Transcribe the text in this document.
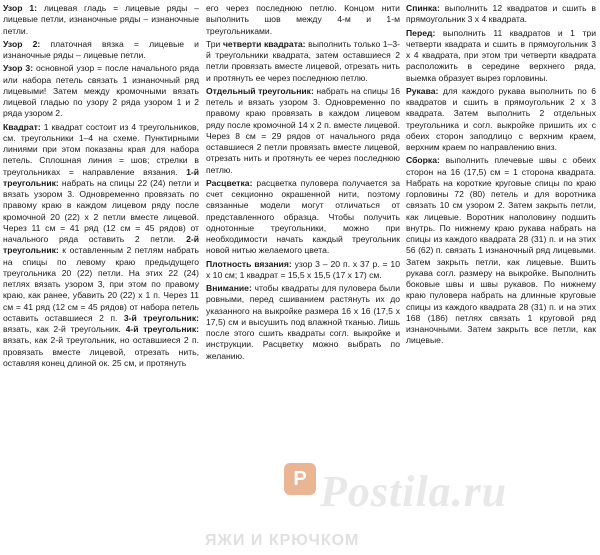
Узор 1: лицевая гладь = лицевые ряды – лицевые петли, изнаночные ряды – изнаночные петли.

Узор 2: платочная вязка = лицевые и изнаночные ряды – лицевые петли.

Узор 3: основной узор = после начального ряда или набора петель связать 1 изнаночный ряд лицевыми! Затем между кромочными вязать лицевой гладью по узору 2 ряда узором 1 и 2 ряда узором 2.

Квадрат: 1 квадрат состоит из 4 треугольников, см. треугольники 1–4 на схеме. Пунктирными линиями при этом показаны края для набора петель. Сплошная линия = шов; стрелки в треугольниках = направление вязания. 1-й треугольник: набрать на спицы 22 (24) петли и вязать узором 3. Одновременно провязать по правому краю в каждом лицевом ряду после кромочной 20 (22) х 2 петли вместе лицевой. Через 11 см = 41 ряд (12 см = 45 рядов) от начального ряда оставить 2 петли. 2-й треугольник: к оставленным 2 петлям набрать на спицы по левому краю предыдущего треугольника 20 (22) петли. На этих 22 (24) петлях вязать узором 3, при этом по правому краю, как ранее, убавить 20 (22) х 1 п. Через 11 см = 41 ряд (12 см = 45 рядов) от набора петель оставить оставшиеся 2 п. 3-й треугольник: вязать, как 2-й треугольник. 4-й треугольник: вязать, как 2-й треугольник, но оставшиеся 2 п. провязать вместе лицевой, отрезать нить, оставляя конец длиной ок. 25 см, и протянуть

его через последнюю петлю. Концом нити выполнить шов между 4-м и 1-м треугольниками.

Три четверти квадрата: выполнить только 1–3-й треугольники квадрата, затем оставшиеся 2 петли провязать вместе лицевой, отрезать нить и протянуть ее через последнюю петлю.

Отдельный треугольник: набрать на спицы 16 петель и вязать узором 3. Одновременно по правому краю провязать в каждом лицевом ряду после кромочной 14 х 2 п. вместе лицевой. Через 8 см = 29 рядов от начального ряда оставшиеся 2 петли провязать вместе лицевой, отрезать нить и протянуть ее через последнюю петлю.

Расцветка: расцветка пуловера получается за счет секционно окрашенной нити, поэтому связанные модели могут отличаться от представленного образца. Чтобы получить однотонные треугольники, можно при необходимости начать каждый треугольник новой нитью желаемого цвета.

Плотность вязания: узор 3 – 20 п. х 37 р. = 10 х 10 см; 1 квадрат = 15,5 х 15,5 (17 х 17) см.

Внимание: чтобы квадраты для пуловера были ровными, перед сшиванием растянуть их до указанного на выкройке размера 16 х 16 (17,5 х 17,5) см и высушить под влажной тканью. Лишь после этого сшить квадраты согл. выкройке и инструкции. Расцветку можно выбрать по желанию.

Спинка: выполнить 12 квадратов и сшить в прямоугольник 3 х 4 квадрата.

Перед: выполнить 11 квадратов и 1 три четверти квадрата и сшить в прямоугольник 3 х 4 квадрата, при этом три четверти квадрата расположить в середине верхнего ряда, выемка образует вырез горловины.

Рукава: для каждого рукава выполнить по 6 квадратов и сшить в прямоугольник 2 х 3 квадрата. Затем выполнить 2 отдельных треугольника и согл. выкройке пришить их с обеих сторон заподлицо с верхним краем, верхним краем по направлению вниз.

Сборка: выполнить плечевые швы с обеих сторон на 16 (17,5) см = 1 сторона квадрата. Набрать на короткие круговые спицы по краю горловины 72 (80) петель и для воротника связать 10 см узором 2. Затем закрыть петли, как лицевые. Воротник наполовину подшить внутрь. По нижнему краю рукава набрать на спицы из каждого квадрата 28 (31) п. и на этих 56 (62) п. связать 1 изнаночный ряд лицевыми. Затем закрыть петли, как лицевые. Вшить рукава согл. размеру на выкройке. Выполнить боковые швы и швы рукавов. По нижнему краю пуловера набрать на длинные круговые спицы из каждого квадрата 28 (31) п. и на этих 168 (186) петлях связать 1 круговой ряд изнаночными. Затем закрыть все петли, как лицевые.

P Postila.ru
ЯЖИ И КРЮЧКОМ
